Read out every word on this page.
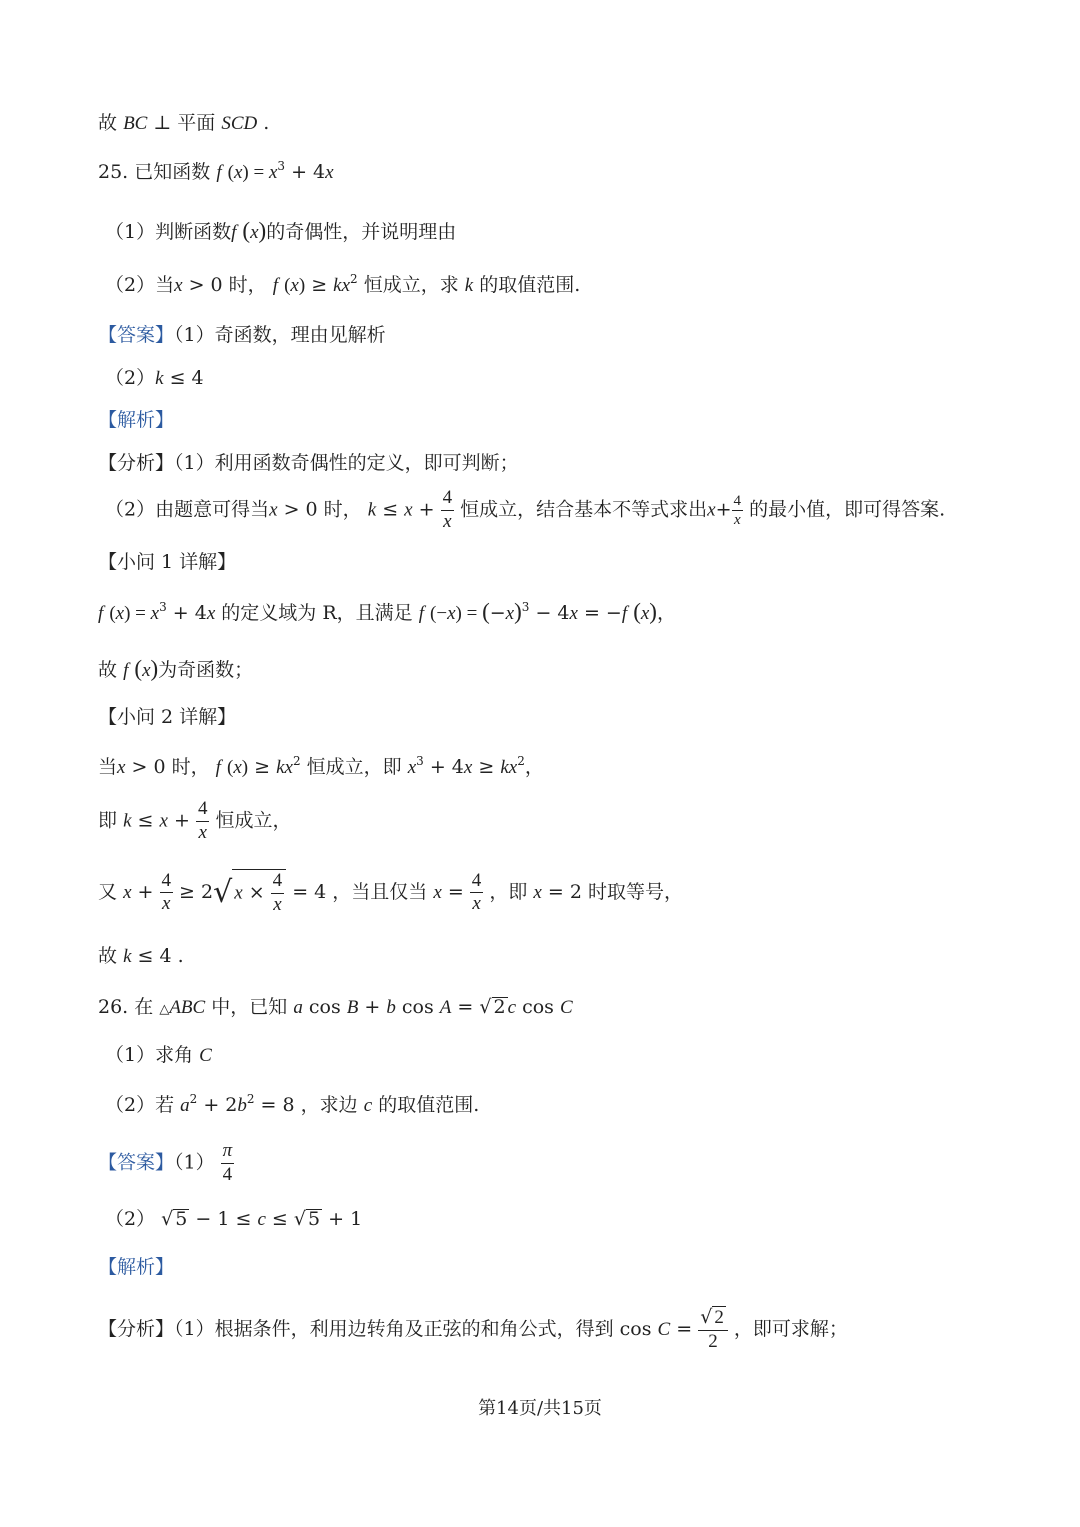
故 BC ⊥ 平面 SCD .
25. 已知函数 f $(x) = x^3 + 4x$
（1）判断函数f (x)的奇偶性，并说明理由
（2）当x > 0 时， f $(x) \ge kx^2$ 恒成立，求 k 的取值范围.
【答案】（1）奇函数，理由见解析
（2）k ≤ 4
【解析】
【分析】（1）利用函数奇偶性的定义，即可判断；
（2）由题意可得当x > 0 时， $k \le x + \frac{4}{x}$ 恒成立，结合基本不等式求出$x+ \frac{4}{x}$ 的最小值，即可得答案.
【小问 1 详解】
f $(x) = x^3 + 4x$ 的定义域为 R，且满足 f $(-x) = (-x)^3 - 4x = -f$ (x)，
故 f (x)为奇函数；
【小问 2 详解】
当x > 0 时， f $(x) \ge kx^2$ 恒成立，即 $x^3 + 4x \ge kx^2$，
即 $k \le x + \frac{4}{x}$ 恒成立，
又 $x + \frac{4}{x} \ge 2√$ $x \times \frac{4}{x} = 4$ ，当且仅当 $x = \frac{4}{x}$ ，即 x = 2 时取等号，
故 k ≤ 4 .
26. 在 △ABC 中，已知 a cos B + b cos A = √ 2 c cos C
（1）求角 C
（2）若 $a^2 + 2b^2 = 8$ ，求边 c 的取值范围.
【答案】$(1) \frac{\pi}{4}$
（2） √ 5 − 1 ≤ c ≤ √ 5 + 1
【解析】
【分析】（1）根据条件，利用边转角及正弦的和角公式，得到 $\cos C = \frac{√ 2}{2}$ ，即可求解；
第14页/共15页
